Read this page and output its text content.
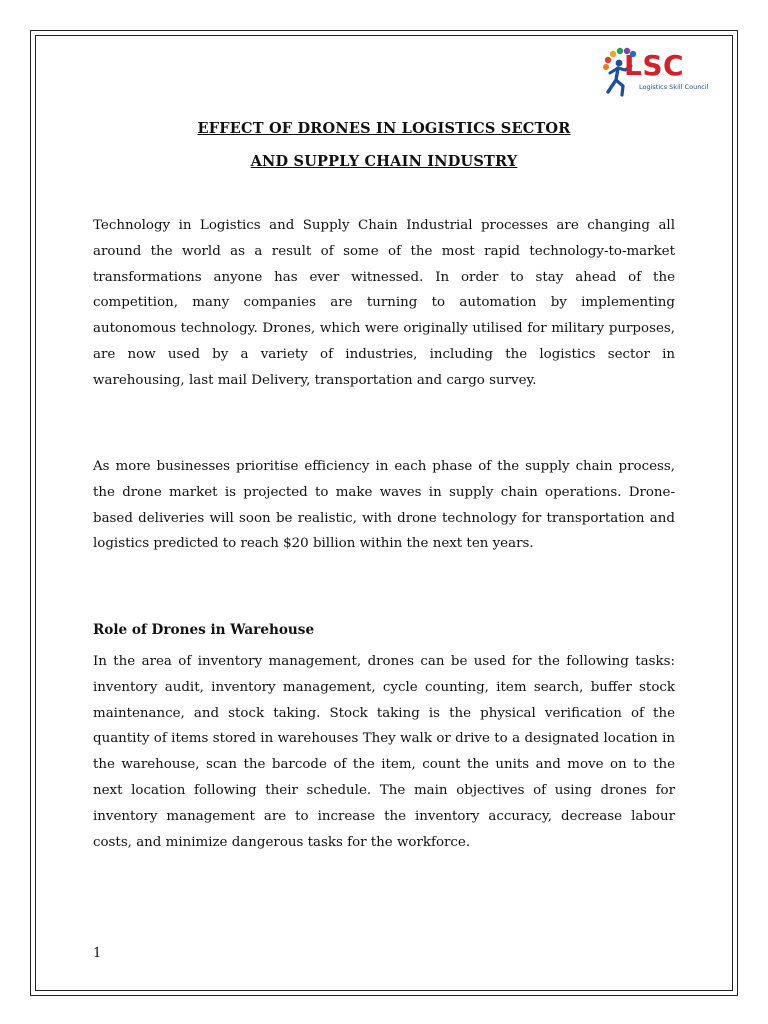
LSC
Logistics Skill Council
EFFECT OF DRONES IN LOGISTICS SECTOR
AND SUPPLY CHAIN INDUSTRY
Technology in Logistics and Supply Chain Industrial processes are changing all around the world as a result of some of the most rapid technology-to-market transformations anyone has ever witnessed. In order to stay ahead of the competition, many companies are turning to automation by implementing autonomous technology. Drones, which were originally utilised for military purposes, are now used by a variety of industries, including the logistics sector in warehousing, last mail Delivery, transportation and cargo survey.
As more businesses prioritise efficiency in each phase of the supply chain process, the drone market is projected to make waves in supply chain operations. Drone-based deliveries will soon be realistic, with drone technology for transportation and logistics predicted to reach $20 billion within the next ten years.
Role of Drones in Warehouse
In the area of inventory management, drones can be used for the following tasks: inventory audit, inventory management, cycle counting, item search, buffer stock maintenance, and stock taking. Stock taking is the physical verification of the quantity of items stored in warehouses They walk or drive to a designated location in the warehouse, scan the barcode of the item, count the units and move on to the next location following their schedule. The main objectives of using drones for inventory management are to increase the inventory accuracy, decrease labour costs, and minimize dangerous tasks for the workforce.
1
